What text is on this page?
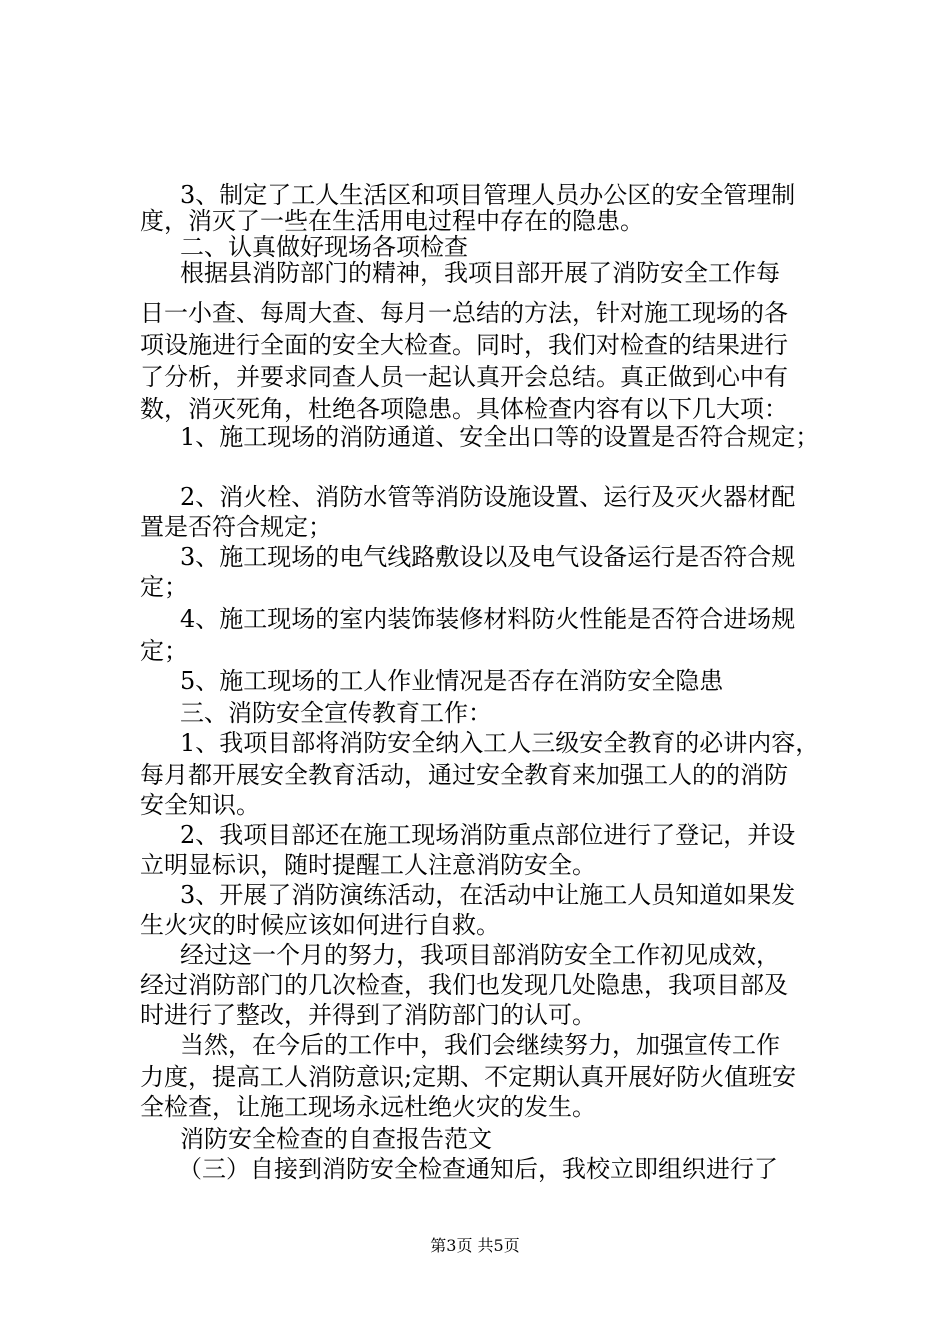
3、制定了工人生活区和项目管理人员办公区的安全管理制
度，消灭了一些在生活用电过程中存在的隐患。
二、认真做好现场各项检查
根据县消防部门的精神，我项目部开展了消防安全工作每
日一小查、每周大查、每月一总结的方法，针对施工现场的各
项设施进行全面的安全大检查。同时，我们对检查的结果进行
了分析，并要求同查人员一起认真开会总结。真正做到心中有
数，消灭死角，杜绝各项隐患。具体检查内容有以下几大项：
1、施工现场的消防通道、安全出口等的设置是否符合规定；
2、消火栓、消防水管等消防设施设置、运行及灭火器材配
置是否符合规定；
3、施工现场的电气线路敷设以及电气设备运行是否符合规
定；
4、施工现场的室内装饰装修材料防火性能是否符合进场规
定；
5、施工现场的工人作业情况是否存在消防安全隐患
三、消防安全宣传教育工作：
1、我项目部将消防安全纳入工人三级安全教育的必讲内容，
每月都开展安全教育活动，通过安全教育来加强工人的的消防
安全知识。
2、我项目部还在施工现场消防重点部位进行了登记，并设
立明显标识，随时提醒工人注意消防安全。
3、开展了消防演练活动，在活动中让施工人员知道如果发
生火灾的时候应该如何进行自救。
经过这一个月的努力，我项目部消防安全工作初见成效，
经过消防部门的几次检查，我们也发现几处隐患，我项目部及
时进行了整改，并得到了消防部门的认可。
当然，在今后的工作中，我们会继续努力，加强宣传工作
力度，提高工人消防意识;定期、不定期认真开展好防火值班安
全检查，让施工现场永远杜绝火灾的发生。
消防安全检查的自查报告范文
（三）自接到消防安全检查通知后，我校立即组织进行了
第3页 共5页
